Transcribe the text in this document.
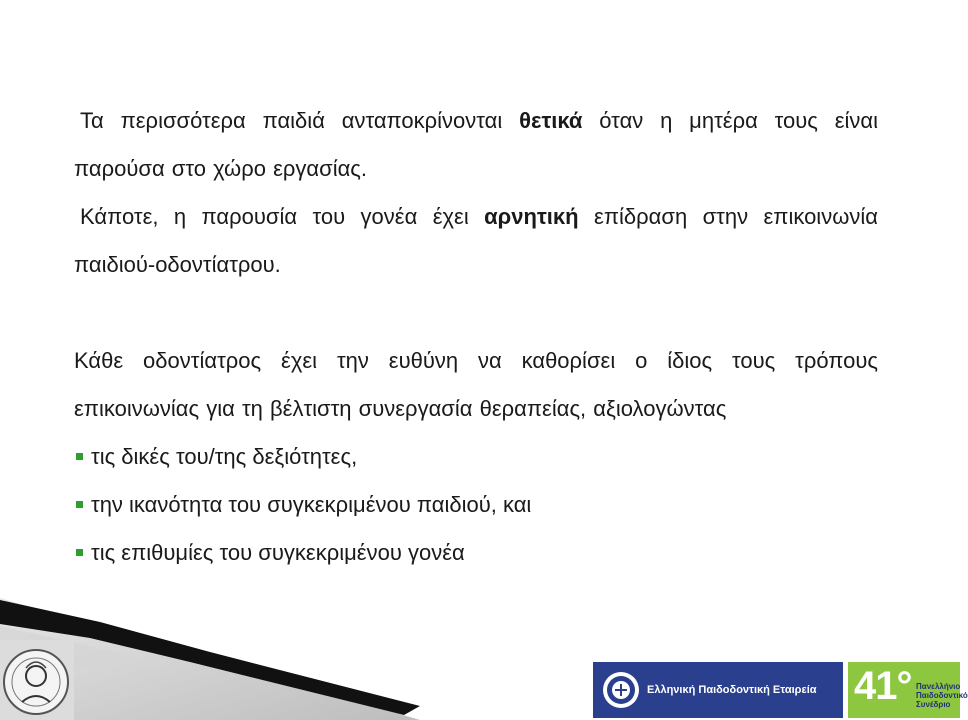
Τα περισσότερα παιδιά ανταποκρίνονται θετικά όταν η μητέρα τους είναι παρούσα στο χώρο εργασίας.
Κάποτε, η παρουσία του γονέα έχει αρνητική επίδραση στην επικοινωνία παιδιού-οδοντίατρου.
Κάθε οδοντίατρος έχει την ευθύνη να καθορίσει ο ίδιος τους τρόπους επικοινωνίας για τη βέλτιστη συνεργασία θεραπείας, αξιολογώντας
τις δικές του/της δεξιότητες,
την ικανότητα του συγκεκριμένου παιδιού, και
τις επιθυμίες του συγκεκριμένου γονέα
Ελληνική Παιδοδοντική Εταιρεία 41° Πανελλήνιο
Παιδοδοντικό
Συνέδριο
